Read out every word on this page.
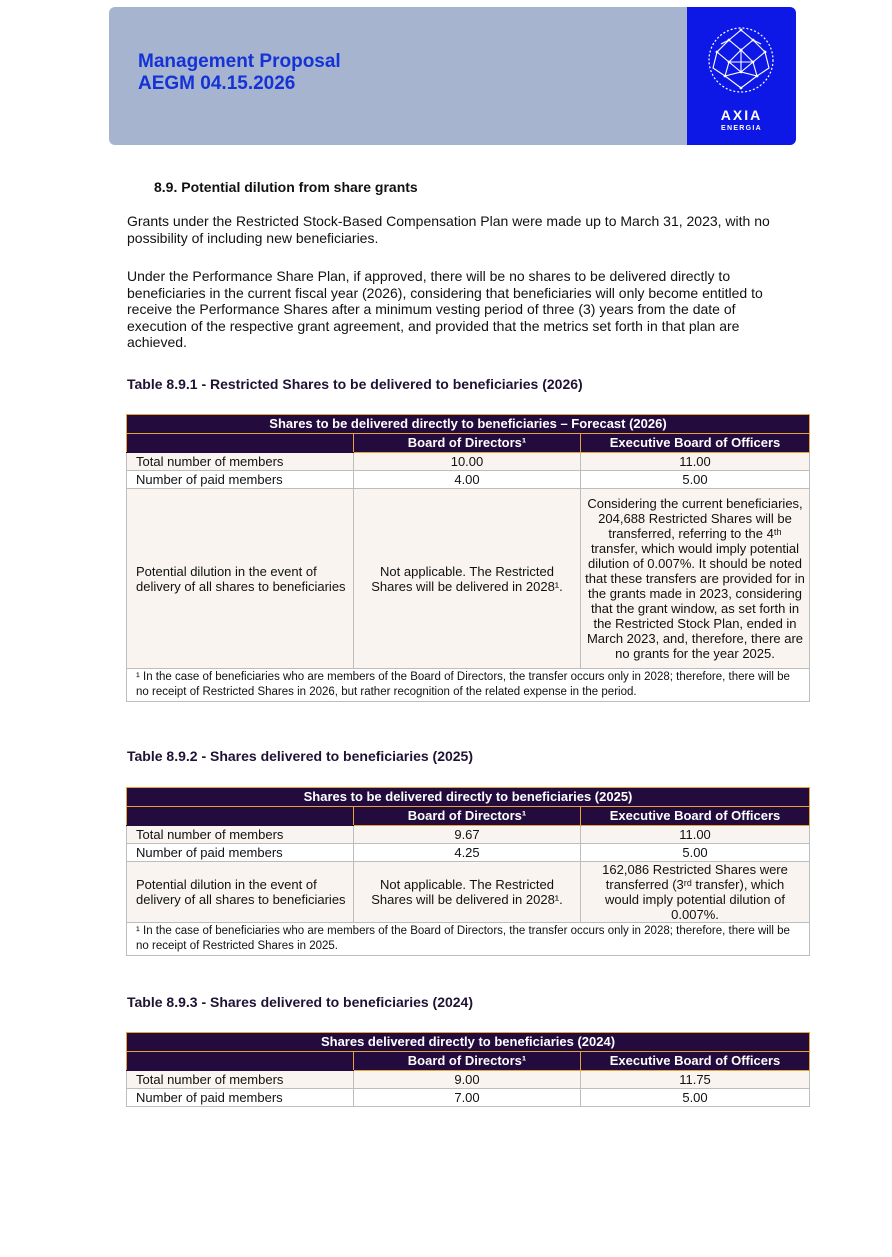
Management Proposal
AEGM 04.15.2026
AXIA
ENERGIA
8.9. Potential dilution from share grants

Grants under the Restricted Stock-Based Compensation Plan were made up to March 31, 2023, with no possibility of including new beneficiaries.

Under the Performance Share Plan, if approved, there will be no shares to be delivered directly to beneficiaries in the current fiscal year (2026), considering that beneficiaries will only become entitled to receive the Performance Shares after a minimum vesting period of three (3) years from the date of execution of the respective grant agreement, and provided that the metrics set forth in that plan are achieved.

Table 8.9.1 - Restricted Shares to be delivered to beneficiaries (2026)
Shares to be delivered directly to beneficiaries – Forecast (2026)		
	Board of Directors¹	Executive Board of Officers
Total number of members	10.00	11.00
Number of paid members	4.00	5.00
Potential dilution in the event of delivery of all shares to beneficiaries	Not applicable. The Restricted Shares will be delivered in 2028¹.	Considering the current beneficiaries, 204,688 Restricted Shares will be transferred, referring to the 4ᵗʰ transfer, which would imply potential dilution of 0.007%. It should be noted that these transfers are provided for in the grants made in 2023, considering that the grant window, as set forth in the Restricted Stock Plan, ended in March 2023, and, therefore, there are no grants for the year 2025.
¹ In the case of beneficiaries who are members of the Board of Directors, the transfer occurs only in 2028; therefore, there will be no receipt of Restricted Shares in 2026, but rather recognition of the related expense in the period.		
Table 8.9.2 - Shares delivered to beneficiaries (2025)
Shares to be delivered directly to beneficiaries (2025)		
	Board of Directors¹	Executive Board of Officers
Total number of members	9.67	11.00
Number of paid members	4.25	5.00
Potential dilution in the event of delivery of all shares to beneficiaries	Not applicable. The Restricted Shares will be delivered in 2028¹.	162,086 Restricted Shares were transferred (3ʳᵈ transfer), which would imply potential dilution of 0.007%.
¹ In the case of beneficiaries who are members of the Board of Directors, the transfer occurs only in 2028; therefore, there will be no receipt of Restricted Shares in 2025.		
Table 8.9.3 - Shares delivered to beneficiaries (2024)
Shares delivered directly to beneficiaries (2024)		
	Board of Directors¹	Executive Board of Officers
Total number of members	9.00	11.75
Number of paid members	7.00	5.00
